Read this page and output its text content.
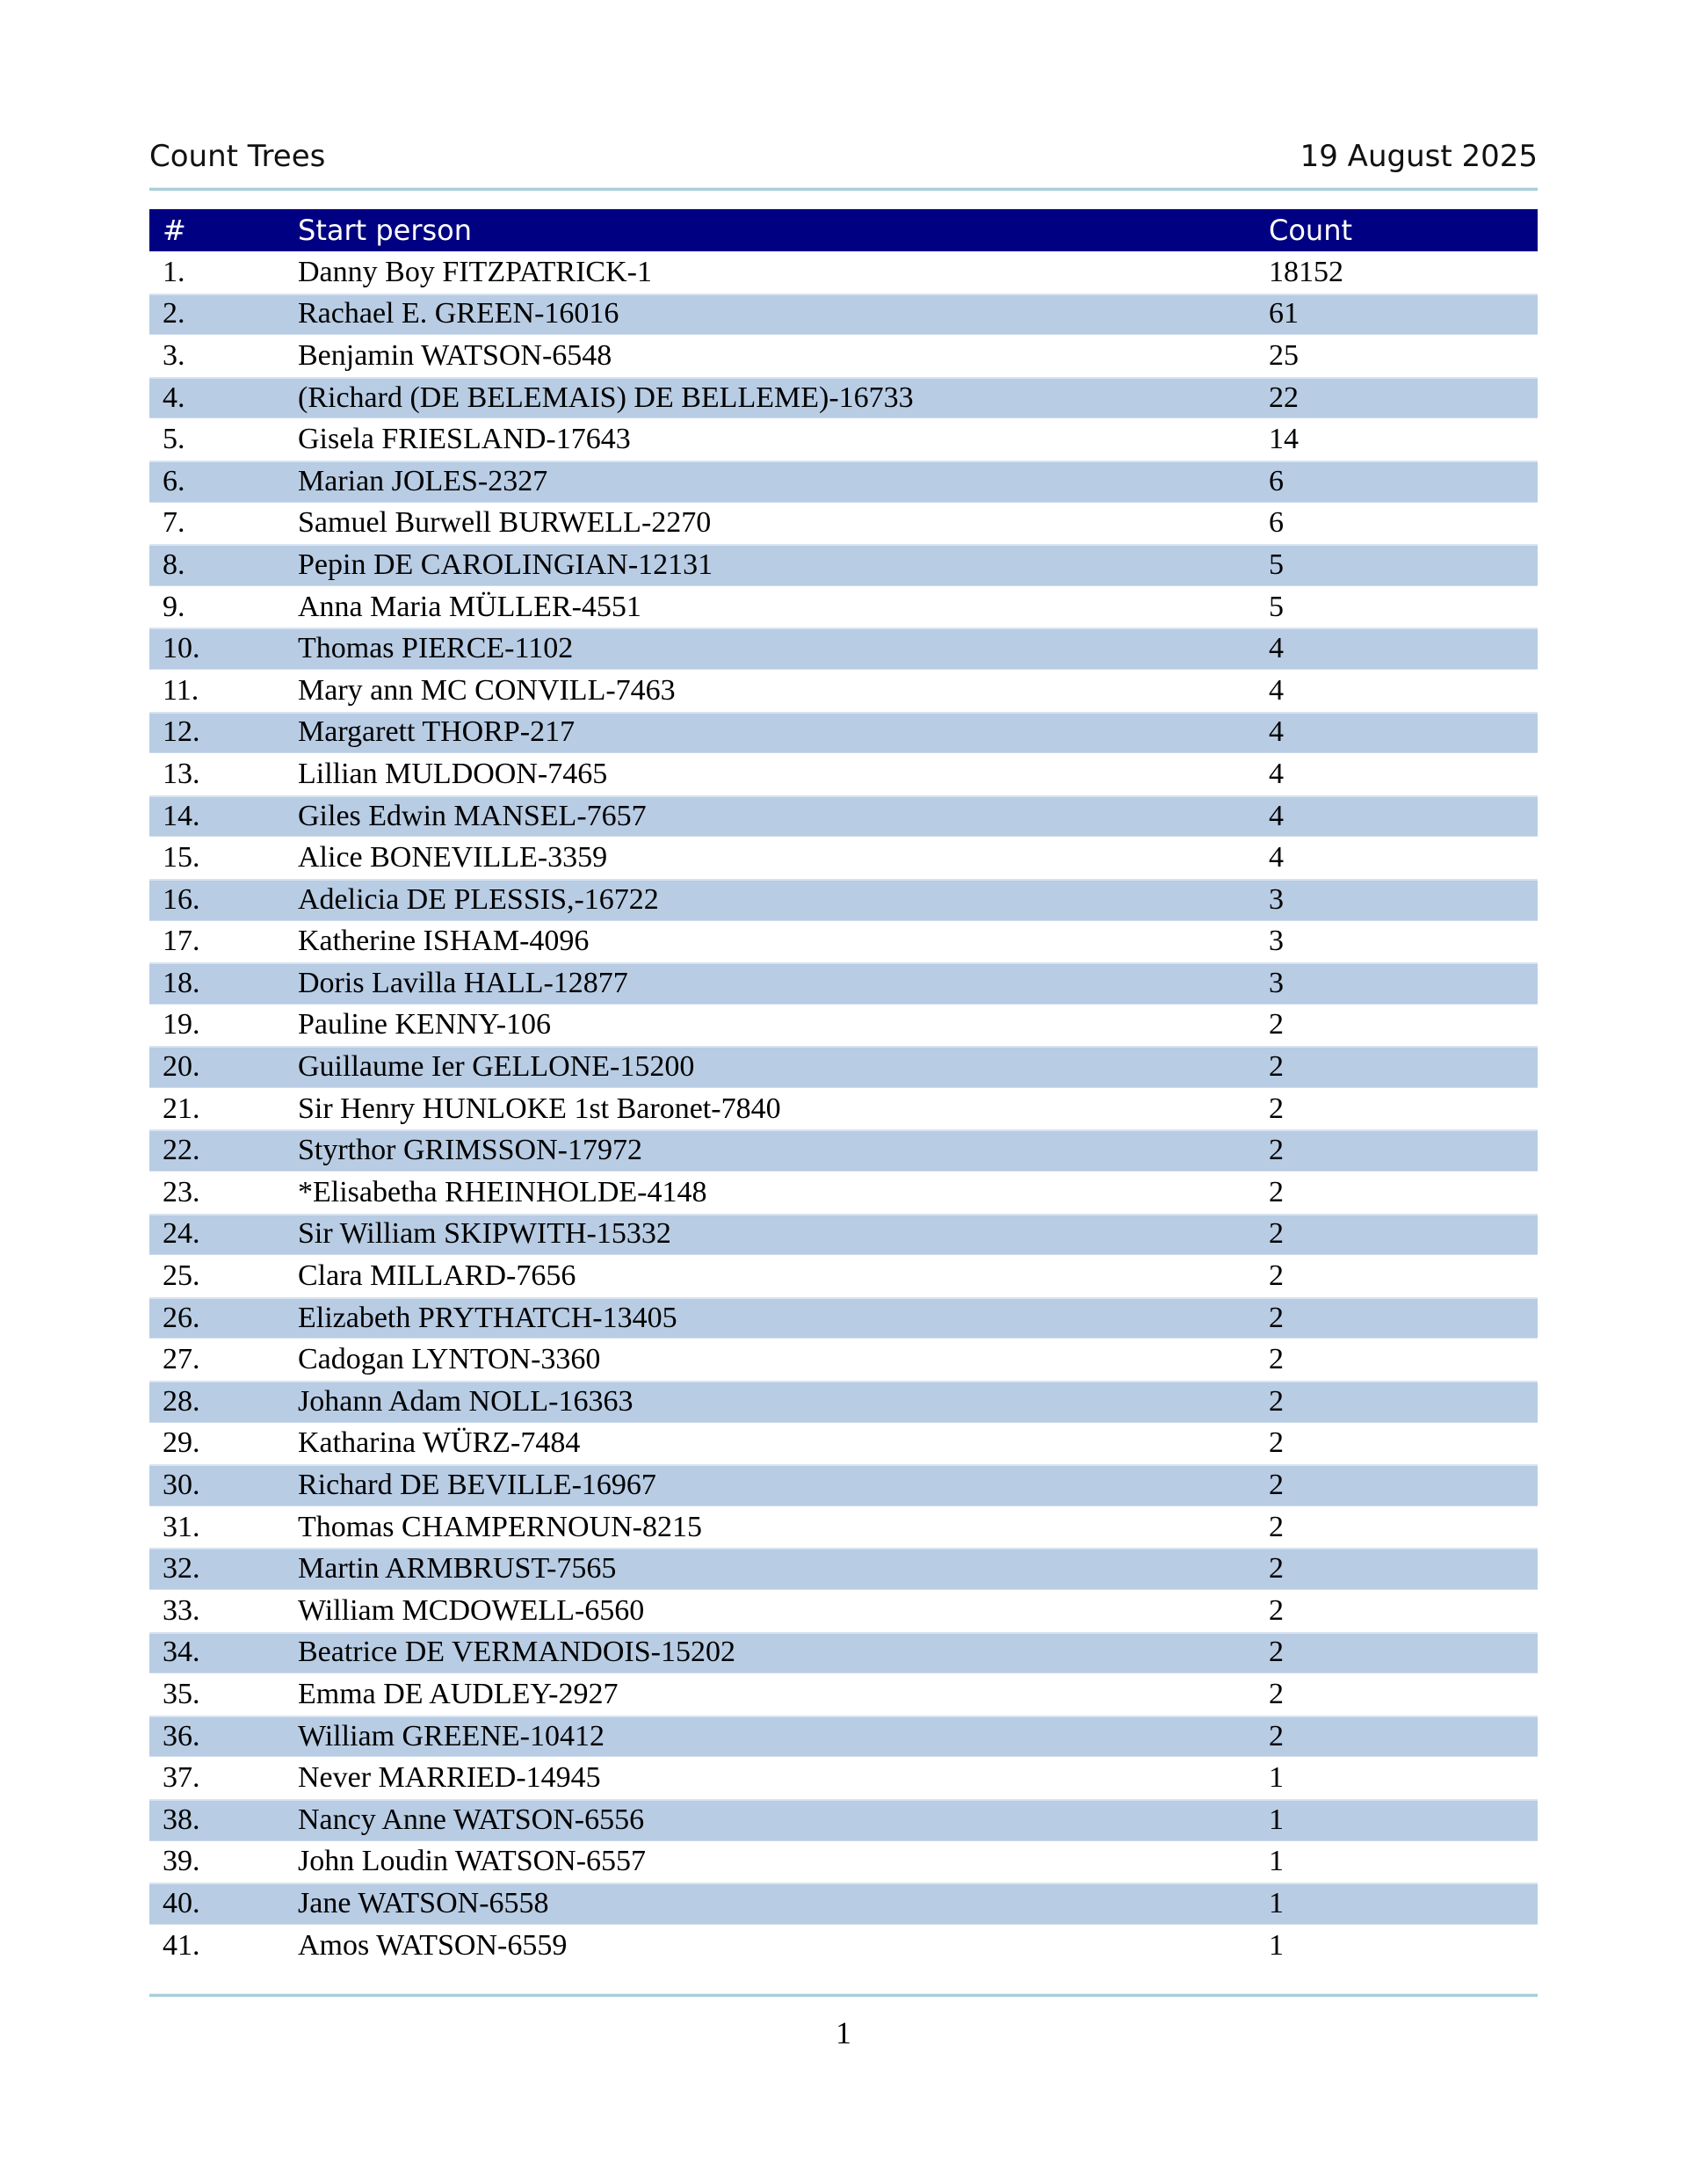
Count Trees	19 August 2025
#	Start person	Count
1.	Danny Boy FITZPATRICK-1	18152
2.	Rachael E. GREEN-16016	61
3.	Benjamin WATSON-6548	25
4.	(Richard (DE BELEMAIS) DE BELLEME)-16733	22
5.	Gisela FRIESLAND-17643	14
6.	Marian JOLES-2327	6
7.	Samuel Burwell BURWELL-2270	6
8.	Pepin DE CAROLINGIAN-12131	5
9.	Anna Maria MÜLLER-4551	5
10.	Thomas PIERCE-1102	4
11.	Mary ann MC CONVILL-7463	4
12.	Margarett THORP-217	4
13.	Lillian MULDOON-7465	4
14.	Giles Edwin MANSEL-7657	4
15.	Alice BONEVILLE-3359	4
16.	Adelicia DE PLESSIS,-16722	3
17.	Katherine ISHAM-4096	3
18.	Doris Lavilla HALL-12877	3
19.	Pauline KENNY-106	2
20.	Guillaume Ier GELLONE-15200	2
21.	Sir Henry HUNLOKE 1st Baronet-7840	2
22.	Styrthor GRIMSSON-17972	2
23.	*Elisabetha RHEINHOLDE-4148	2
24.	Sir William SKIPWITH-15332	2
25.	Clara MILLARD-7656	2
26.	Elizabeth PRYTHATCH-13405	2
27.	Cadogan LYNTON-3360	2
28.	Johann Adam NOLL-16363	2
29.	Katharina WÜRZ-7484	2
30.	Richard DE BEVILLE-16967	2
31.	Thomas CHAMPERNOUN-8215	2
32.	Martin ARMBRUST-7565	2
33.	William MCDOWELL-6560	2
34.	Beatrice DE VERMANDOIS-15202	2
35.	Emma DE AUDLEY-2927	2
36.	William GREENE-10412	2
37.	Never MARRIED-14945	1
38.	Nancy Anne WATSON-6556	1
39.	John Loudin WATSON-6557	1
40.	Jane WATSON-6558	1
41.	Amos WATSON-6559	1
1
